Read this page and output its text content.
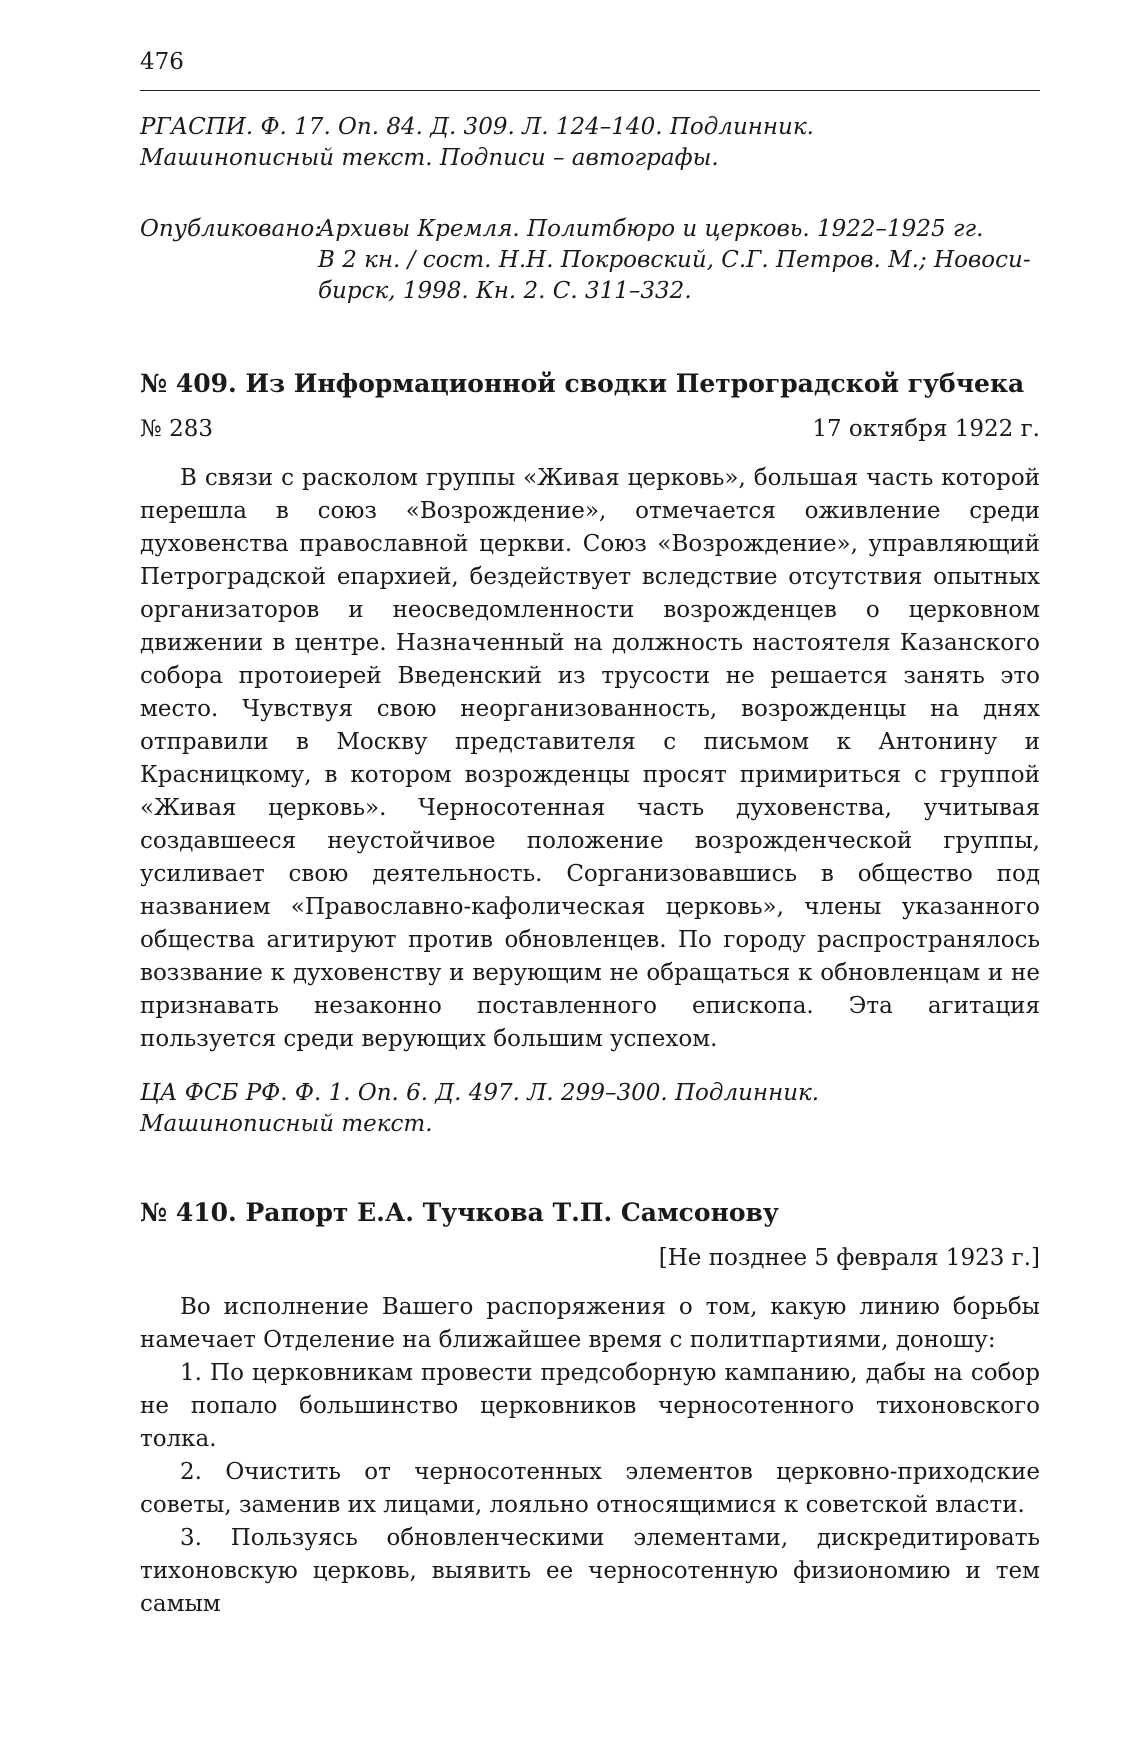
476

РГАСПИ. Ф. 17. Оп. 84. Д. 309. Л. 124–140. Подлинник.

Машинописный текст. Подписи – автографы.

Опубликовано:Архивы Кремля. Политбюро и церковь. 1922–1925 гг.

В 2 кн. / сост. Н.Н. Покровский, С.Г. Петров. М.; Новоси-

бирск, 1998. Кн. 2. С. 311–332.

№ 409. Из Информационной сводки Петроградской губчека
№ 283	17 октября 1922 г.

В связи с расколом группы «Живая церковь», большая часть которой перешла в союз «Возрождение», отмечается оживление среди духовенства православной церкви. Союз «Возрождение», управляющий Петроградской епархией, бездействует вследствие отсутствия опытных организаторов и неосведомленности возрожденцев о церковном движении в центре. Назначенный на должность настоятеля Казанского собора протоиерей Введенский из трусости не решается занять это место. Чувствуя свою неорганизованность, возрожденцы на днях отправили в Москву представителя с письмом к Антонину и Красницкому, в котором возрожденцы просят примириться с группой «Живая церковь». Черносотенная часть духовенства, учитывая создавшееся неустойчивое положение возрожденческой группы, усиливает свою деятельность. Сорганизовавшись в общество под названием «Православно-кафолическая церковь», члены указанного общества агитируют против обновленцев. По городу распространялось воззвание к духовенству и верующим не обращаться к обновленцам и не признавать незаконно поставленного епископа. Эта агитация пользуется среди верующих большим успехом.

ЦА ФСБ РФ. Ф. 1. Оп. 6. Д. 497. Л. 299–300. Подлинник.

Машинописный текст.

№ 410. Рапорт Е.А. Тучкова Т.П. Самсонову
[Не позднее 5 февраля 1923 г.]

Во исполнение Вашего распоряжения о том, какую линию борьбы намечает Отделение на ближайшее время с политпартиями, доношу:

1. По церковникам провести предсоборную кампанию, дабы на собор не попало большинство церковников черносотенного тихоновского толка.

2. Очистить от черносотенных элементов церковно-приходские советы, заменив их лицами, лояльно относящимися к советской власти.

3. Пользуясь обновленческими элементами, дискредитировать тихоновскую церковь, выявить ее черносотенную физиономию и тем самым
